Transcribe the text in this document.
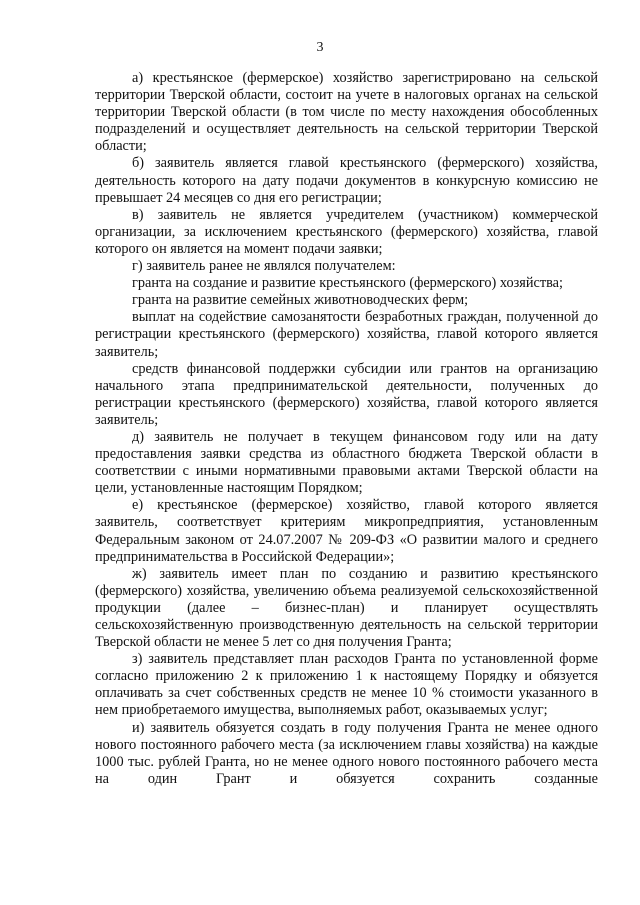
3

а) крестьянское (фермерское) хозяйство зарегистрировано на сельской территории Тверской области, состоит на учете в налоговых органах на сельской территории Тверской области (в том числе по месту нахождения обособленных подразделений и осуществляет деятельность на сельской территории Тверской области;

б) заявитель является главой крестьянского (фермерского) хозяйства, деятельность которого на дату подачи документов в конкурсную комиссию не превышает 24 месяцев со дня его регистрации;

в) заявитель не является учредителем (участником) коммерческой организации, за исключением крестьянского (фермерского) хозяйства, главой которого он является на момент подачи заявки;

г) заявитель ранее не являлся получателем:

гранта на создание и развитие крестьянского (фермерского) хозяйства;

гранта на развитие семейных животноводческих ферм;

выплат на содействие самозанятости безработных граждан, полученной до регистрации крестьянского (фермерского) хозяйства, главой которого является заявитель;

средств финансовой поддержки субсидии или грантов на организацию начального этапа предпринимательской деятельности, полученных до регистрации крестьянского (фермерского) хозяйства, главой которого является заявитель;

д) заявитель не получает в текущем финансовом году или на дату предоставления заявки средства из областного бюджета Тверской области в соответствии с иными нормативными правовыми актами Тверской области на цели, установленные настоящим Порядком;

е) крестьянское (фермерское) хозяйство, главой которого является заявитель, соответствует критериям микропредприятия, установленным Федеральным законом от 24.07.2007 № 209-ФЗ «О развитии малого и среднего предпринимательства в Российской Федерации»;

ж) заявитель имеет план по созданию и развитию крестьянского (фермерского) хозяйства, увеличению объема реализуемой сельскохозяйственной продукции (далее – бизнес-план) и планирует осуществлять сельскохозяйственную производственную деятельность на сельской территории Тверской области не менее 5 лет со дня получения Гранта;

з) заявитель представляет план расходов Гранта по установленной форме согласно приложению 2 к приложению 1 к настоящему Порядку и обязуется оплачивать за счет собственных средств не менее 10 % стоимости указанного в нем приобретаемого имущества, выполняемых работ, оказываемых услуг;

и) заявитель обязуется создать в году получения Гранта не менее одного нового постоянного рабочего места (за исключением главы хозяйства) на каждые 1000 тыс. рублей Гранта, но не менее одного нового постоянного рабочего места на один Грант и обязуется сохранить созданные
